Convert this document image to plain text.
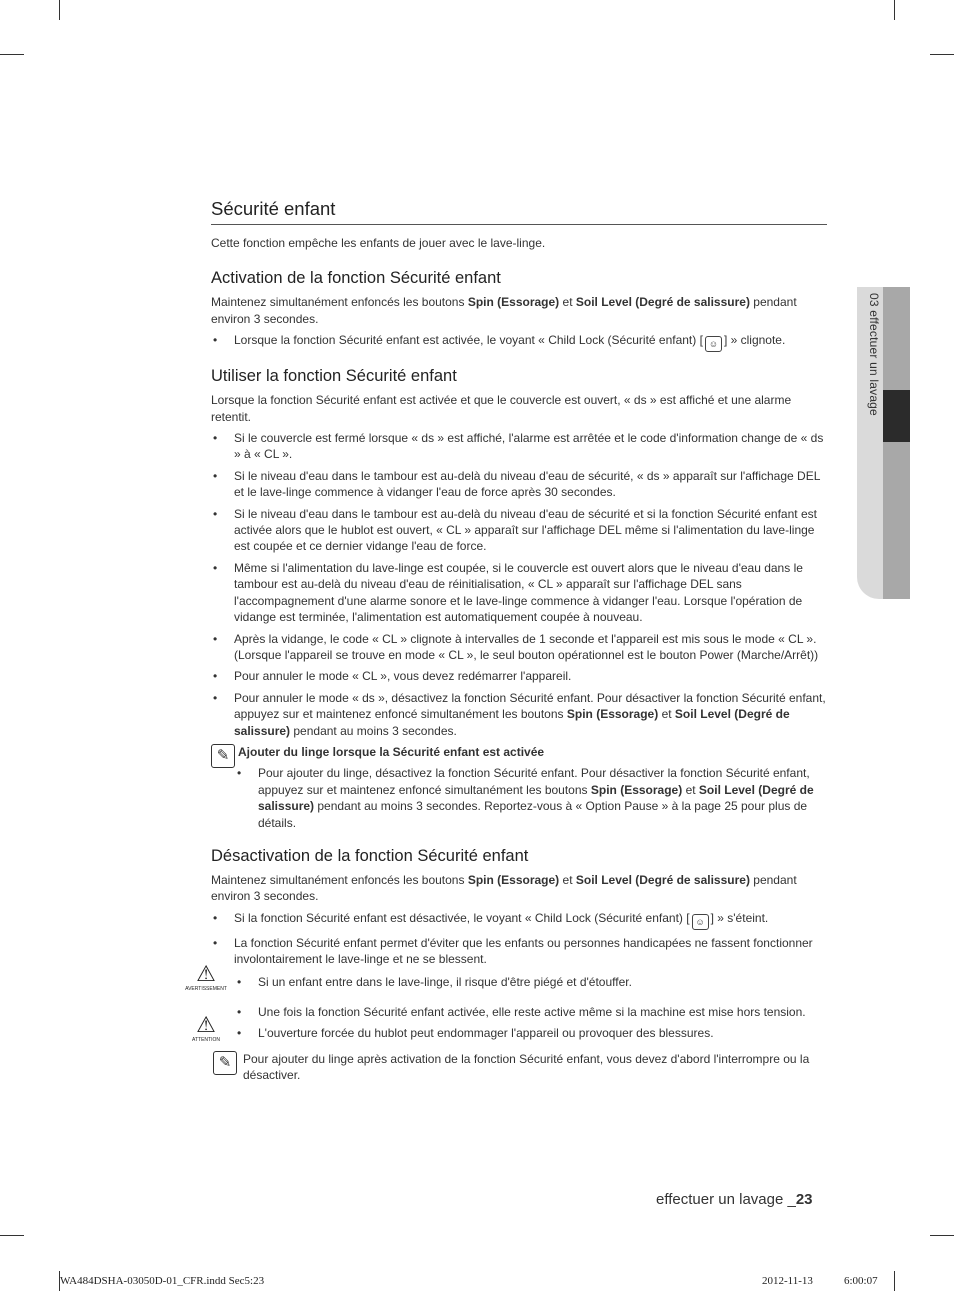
03 effectuer un lavage
Sécurité enfant

Cette fonction empêche les enfants de jouer avec le lave-linge.

Activation de la fonction Sécurité enfant

Maintenez simultanément enfoncés les boutons Spin (Essorage) et Soil Level (Degré de salissure) pendant environ 3 secondes.

• Lorsque la fonction Sécurité enfant est activée, le voyant « Child Lock (Sécurité enfant) [ ☺ ] » clignote.
Utiliser la fonction Sécurité enfant

Lorsque la fonction Sécurité enfant est activée et que le couvercle est ouvert, « ds » est affiché et une alarme retentit.

• Si le couvercle est fermé lorsque « ds » est affiché, l'alarme est arrêtée et le code d'information change de « ds » à « CL ».
• Si le niveau d'eau dans le tambour est au-delà du niveau d'eau de sécurité, « ds » apparaît sur l'affichage DEL et le lave-linge commence à vidanger l'eau de force après 30 secondes.
• Si le niveau d'eau dans le tambour est au-delà du niveau d'eau de sécurité et si la fonction Sécurité enfant est activée alors que le hublot est ouvert, « CL » apparaît sur l'affichage DEL même si l'alimentation du lave-linge est coupée et ce dernier vidange l'eau de force.
• Même si l'alimentation du lave-linge est coupée, si le couvercle est ouvert alors que le niveau d'eau dans le tambour est au-delà du niveau d'eau de réinitialisation, « CL » apparaît sur l'affichage DEL sans l'accompagnement d'une alarme sonore et le lave-linge commence à vidanger l'eau. Lorsque l'opération de vidange est terminée, l'alimentation est automatiquement coupée à nouveau.
• Après la vidange, le code « CL » clignote à intervalles de 1 seconde et l'appareil est mis sous le mode « CL ». (Lorsque l'appareil se trouve en mode « CL », le seul bouton opérationnel est le bouton Power (Marche/Arrêt))
• Pour annuler le mode « CL », vous devez redémarrer l'appareil.
• Pour annuler le mode « ds », désactivez la fonction Sécurité enfant. Pour désactiver la fonction Sécurité enfant, appuyez sur et maintenez enfoncé simultanément les boutons Spin (Essorage) et Soil Level (Degré de salissure) pendant au moins 3 secondes.
✎ Ajouter du linge lorsque la Sécurité enfant est activée

• Pour ajouter du linge, désactivez la fonction Sécurité enfant. Pour désactiver la fonction Sécurité enfant, appuyez sur et maintenez enfoncé simultanément les boutons Spin (Essorage) et Soil Level (Degré de salissure) pendant au moins 3 secondes. Reportez-vous à « Option Pause » à la page 25 pour plus de détails.
Désactivation de la fonction Sécurité enfant

Maintenez simultanément enfoncés les boutons Spin (Essorage) et Soil Level (Degré de salissure) pendant environ 3 secondes.

• Si la fonction Sécurité enfant est désactivée, le voyant « Child Lock (Sécurité enfant) [ ☺ ] » s'éteint.
• La fonction Sécurité enfant permet d'éviter que les enfants ou personnes handicapées ne fassent fonctionner involontairement le lave-linge et ne se blessent.
⚠
AVERTISSEMENT	• Si un enfant entre dans le lave-linge, il risque d'être piégé et d'étouffer.
• Une fois la fonction Sécurité enfant activée, elle reste active même si la machine est mise hors tension.
⚠
ATTENTION	• L'ouverture forcée du hublot peut endommager l'appareil ou provoquer des blessures.
✎ Pour ajouter du linge après activation de la fonction Sécurité enfant, vous devez d'abord l'interrompre ou la désactiver.

effectuer un lavage _23
WA484DSHA-03050D-01_CFR.indd Sec5:23	2012-11-13	6:00:07
